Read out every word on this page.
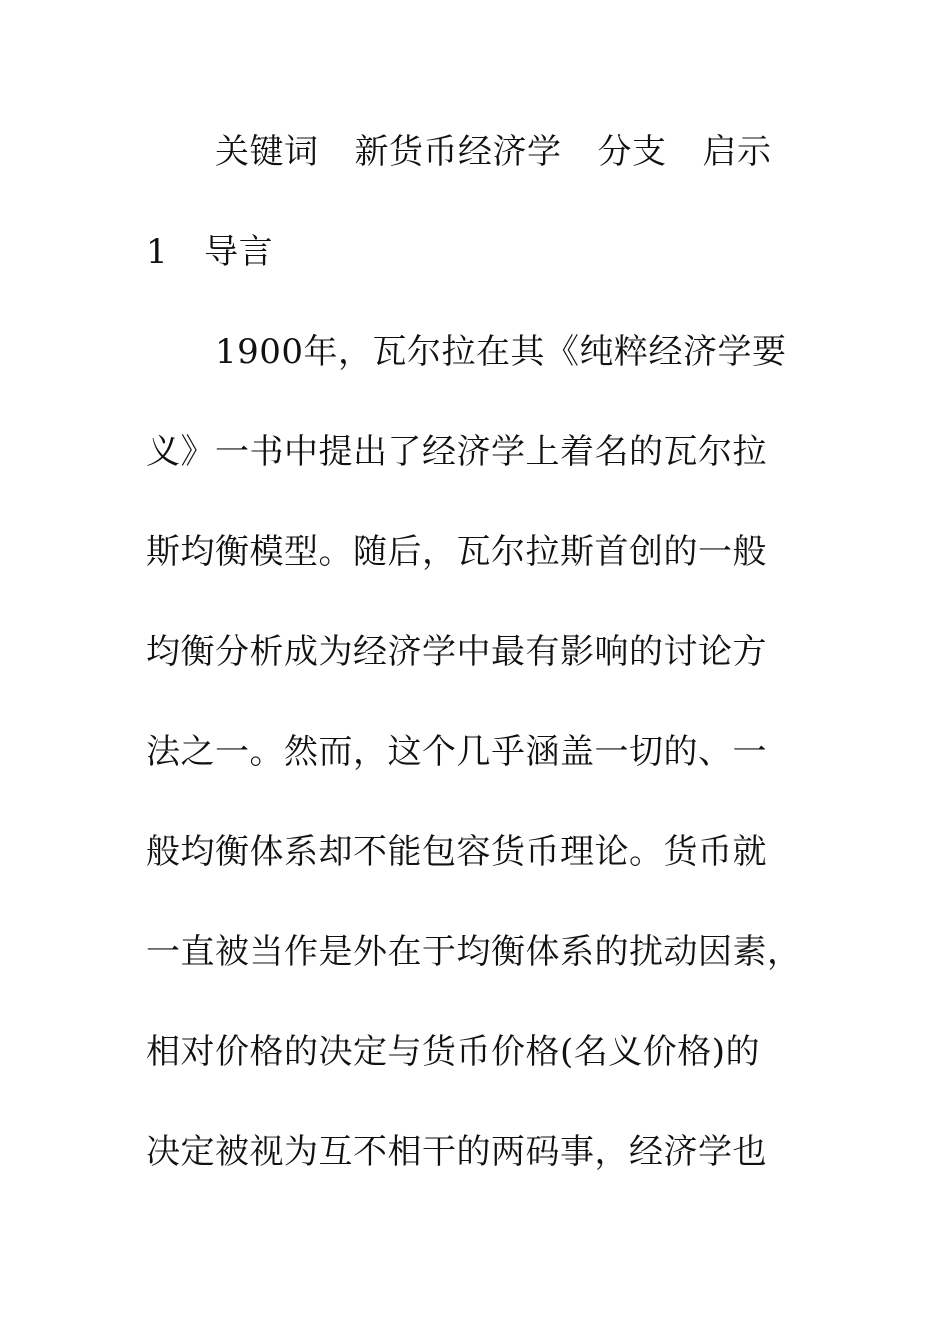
关键词 新货币经济学 分支 启示
1 导言
1900年，瓦尔拉在其《纯粹经济学要
义》一书中提出了经济学上着名的瓦尔拉
斯均衡模型。随后，瓦尔拉斯首创的一般
均衡分析成为经济学中最有影响的讨论方
法之一。然而，这个几乎涵盖一切的、一
般均衡体系却不能包容货币理论。货币就
一直被当作是外在于均衡体系的扰动因素，
相对价格的决定与货币价格(名义价格)的
决定被视为互不相干的两码事，经济学也
